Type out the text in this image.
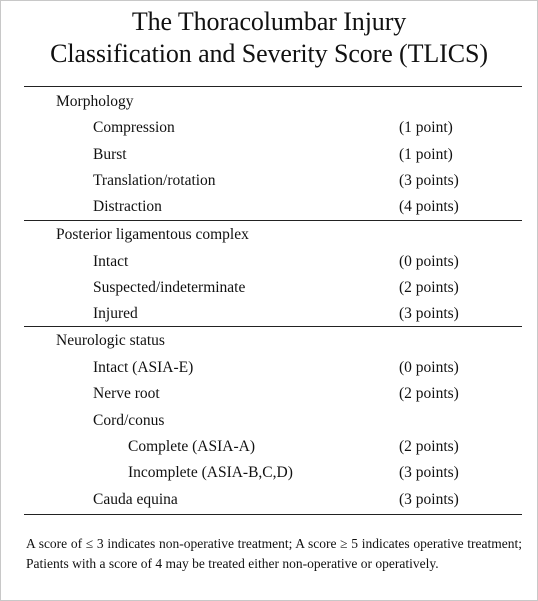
The Thoracolumbar Injury
Classification and Severity Score (TLICS)
Morphology
Compression	(1 point)
Burst	(1 point)
Translation/rotation	(3 points)
Distraction	(4 points)
Posterior ligamentous complex
Intact	(0 points)
Suspected/indeterminate	(2 points)
Injured	(3 points)
Neurologic status
Intact (ASIA-E)	(0 points)
Nerve root	(2 points)
Cord/conus
Complete (ASIA-A)	(2 points)
Incomplete (ASIA-B,C,D)	(3 points)
Cauda equina	(3 points)
A score of ≤ 3 indicates non-operative treatment; A score ≥ 5 indicates operative treatment; Patients with a score of 4 may be treated either non-operative or operatively.
